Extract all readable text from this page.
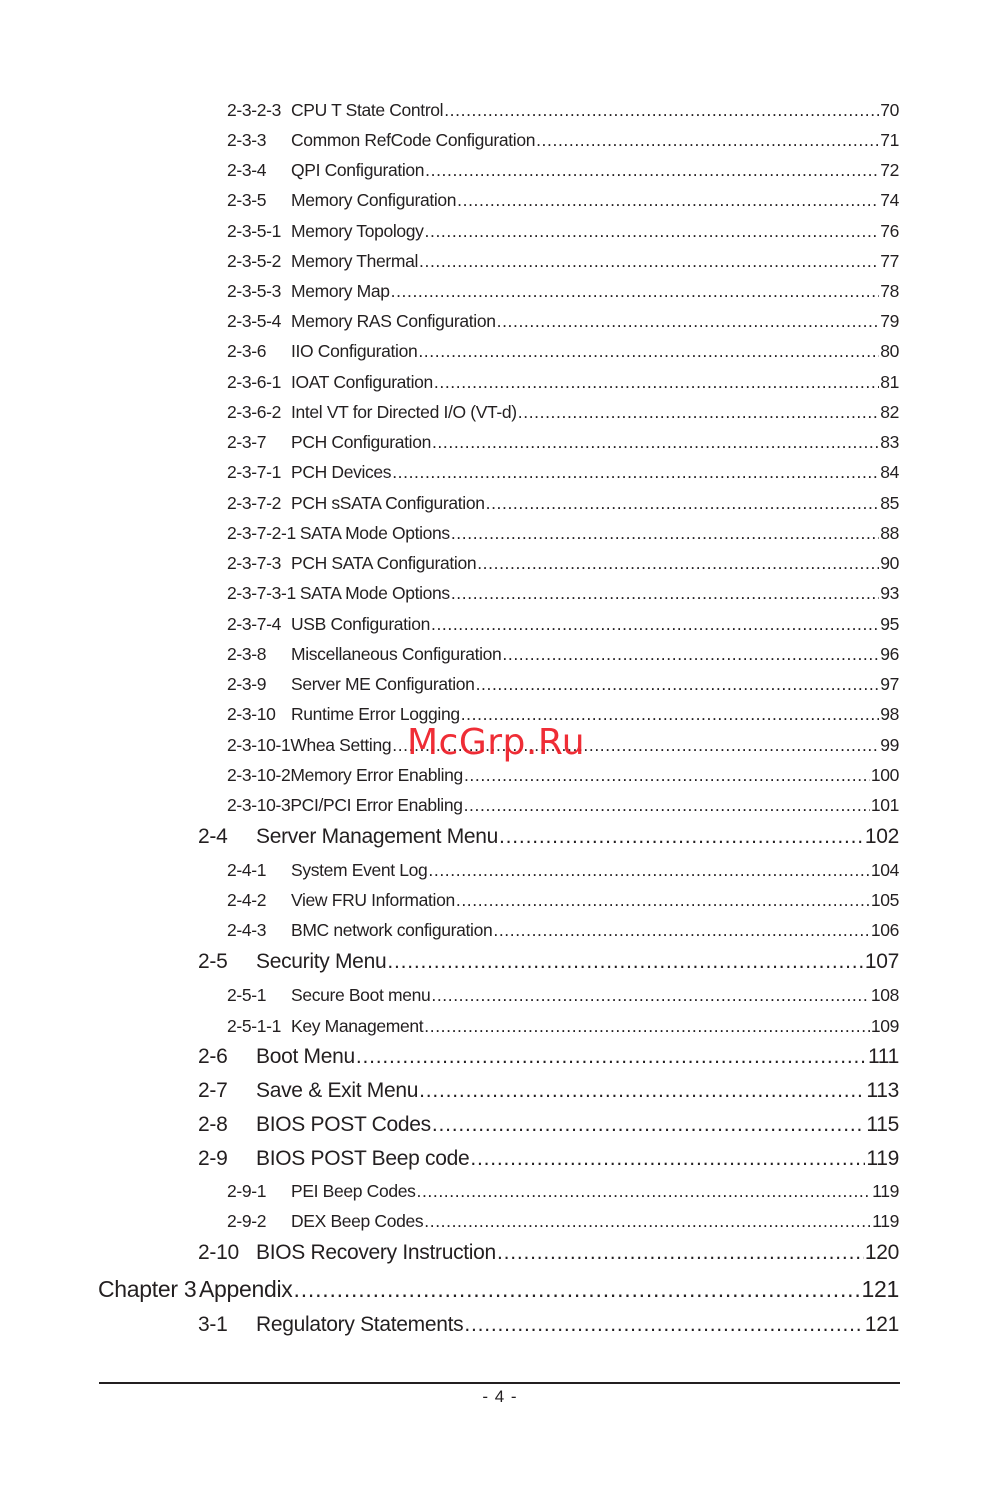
2-3-2-3 CPU T State Control .....	70
2-3-3	Common RefCode Configuration .....	71
2-3-4	QPI Configuration .....	72
2-3-5	Memory Configuration .....	74
2-3-5-1 Memory Topology .....	76
2-3-5-2 Memory Thermal .....	77
2-3-5-3 Memory Map .....	78
2-3-5-4 Memory RAS Configuration .....	79
2-3-6	IIO Configuration .....	80
2-3-6-1 IOAT Configuration .....	81
2-3-6-2 Intel VT for Directed I/O (VT-d) .....	82
2-3-7	PCH Configuration .....	83
2-3-7-1 PCH Devices .....	84
2-3-7-2 PCH sSATA Configuration .....	85
2-3-7-2-1 SATA Mode Options .....	88
2-3-7-3 PCH SATA Configuration .....	90
2-3-7-3-1 SATA Mode Options .....	93
2-3-7-4 USB Configuration .....	95
2-3-8	Miscellaneous Configuration .....	96
2-3-9	Server ME Configuration .....	97
2-3-10 Runtime Error Logging .....	98
2-3-10-1 Whea Setting .....	99
2-3-10-2 Memory Error Enabling .....	100
2-3-10-3 PCI/PCI Error Enabling .....	101
2-4	Server Management Menu .....	102
2-4-1	System Event Log .....	104
2-4-2	View FRU Information .....	105
2-4-3	BMC network configuration .....	106
2-5	Security Menu .....	107
2-5-1	Secure Boot menu .....	108
2-5-1-1 Key Management .....	109
2-6	Boot Menu .....	111
2-7	Save & Exit Menu .....	113
2-8	BIOS POST Codes .....	115
2-9	BIOS POST Beep code .....	119
2-9-1	PEI Beep Codes .....	119
2-9-2	DEX Beep Codes .....	119
2-10 BIOS Recovery Instruction .....	120
Chapter 3 Appendix .....	121
3-1	Regulatory Statements .....	121
McGrp.Ru
- 4 -
